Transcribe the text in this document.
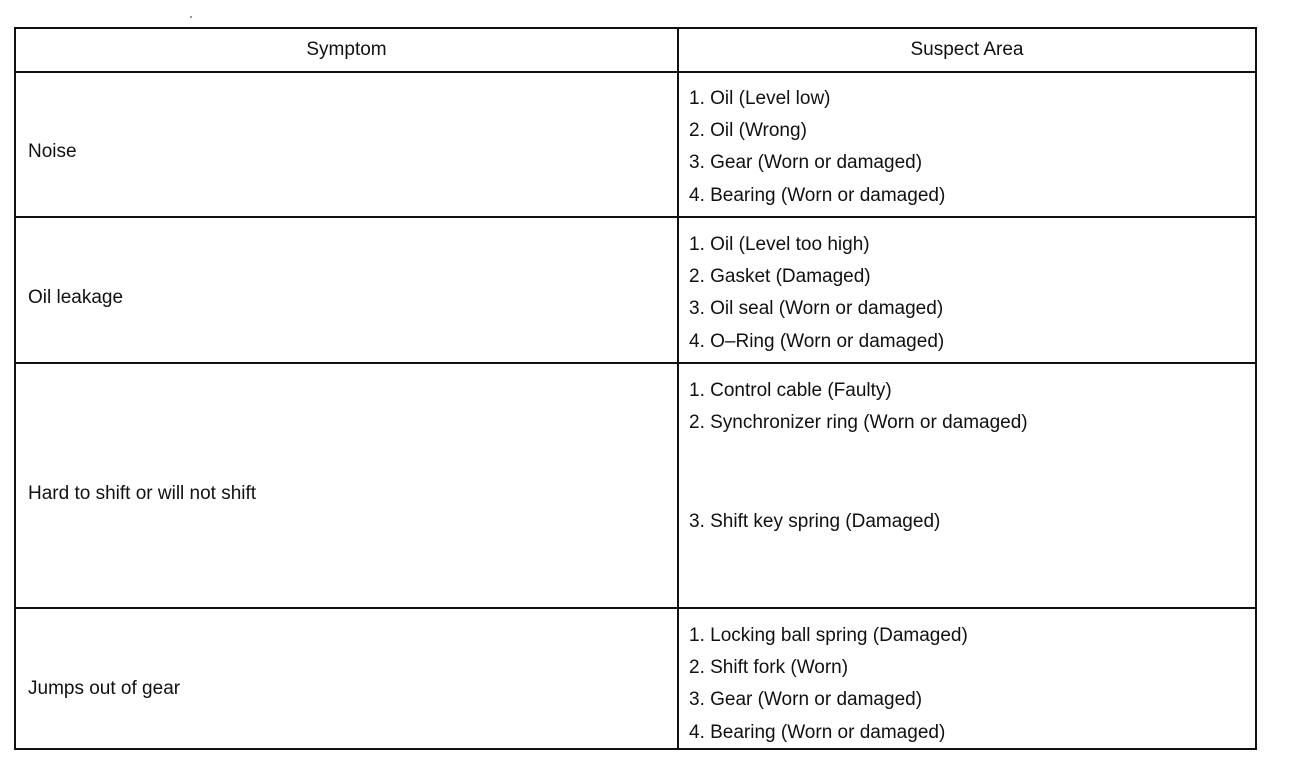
Symptom	Suspect Area
Noise
1. Oil (Level low)
2. Oil (Wrong)
3. Gear (Worn or damaged)
4. Bearing (Worn or damaged)
Oil leakage
1. Oil (Level too high)
2. Gasket (Damaged)
3. Oil seal (Worn or damaged)
4. O–Ring (Worn or damaged)
Hard to shift or will not shift
1. Control cable (Faulty)
2. Synchronizer ring (Worn or damaged)
3. Shift key spring (Damaged)
Jumps out of gear
1. Locking ball spring (Damaged)
2. Shift fork (Worn)
3. Gear (Worn or damaged)
4. Bearing (Worn or damaged)
